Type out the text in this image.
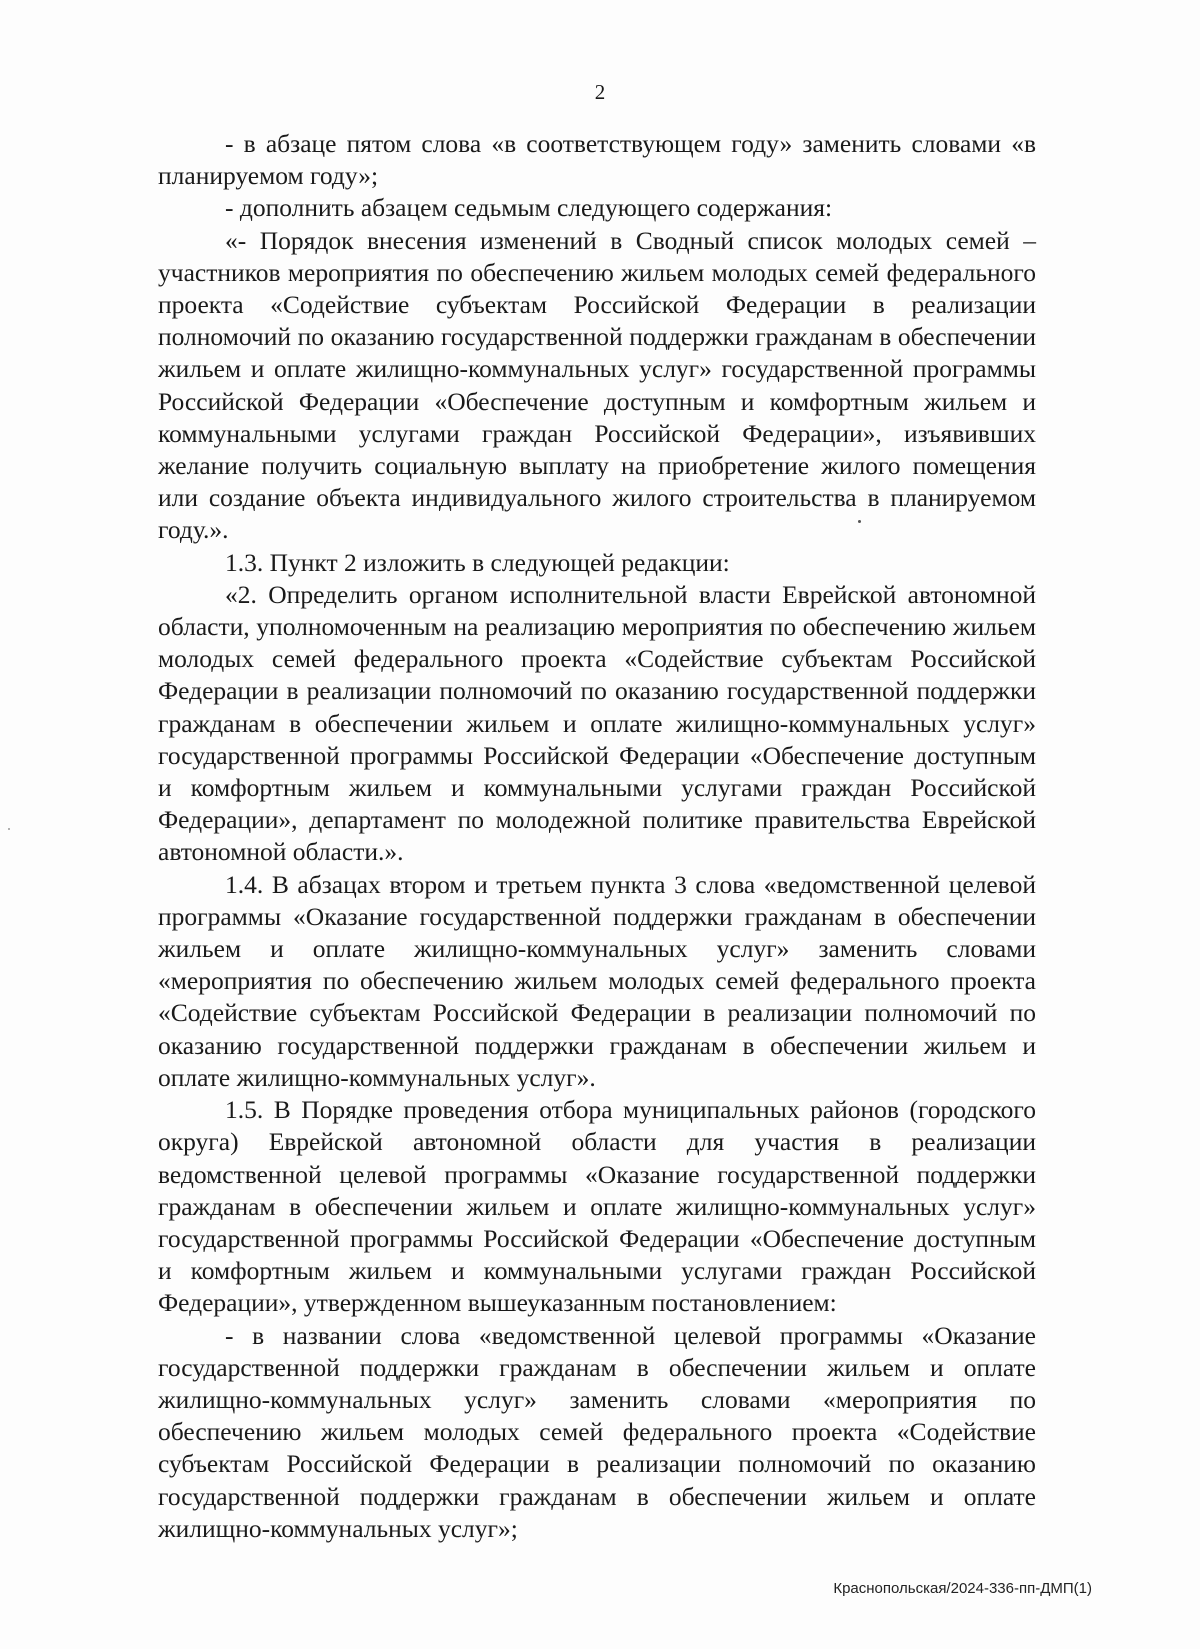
2

- в абзаце пятом слова «в соответствующем году» заменить словами «в планируемом году»;

- дополнить абзацем седьмым следующего содержания:

«- Порядок внесения изменений в Сводный список молодых семей – участников мероприятия по обеспечению жильем молодых семей федерального проекта «Содействие субъектам Российской Федерации в реализации полномочий по оказанию государственной поддержки гражданам в обеспечении жильем и оплате жилищно-коммунальных услуг» государственной программы Российской Федерации «Обеспечение доступным и комфортным жильем и коммунальными услугами граждан Российской Федерации», изъявивших желание получить социальную выплату на приобретение жилого помещения или создание объекта индивидуального жилого строительства в планируемом году.».

1.3. Пункт 2 изложить в следующей редакции:

«2. Определить органом исполнительной власти Еврейской автономной области, уполномоченным на реализацию мероприятия по обеспечению жильем молодых семей федерального проекта «Содействие субъектам Российской Федерации в реализации полномочий по оказанию государственной поддержки гражданам в обеспечении жильем и оплате жилищно-коммунальных услуг» государственной программы Российской Федерации «Обеспечение доступным и комфортным жильем и коммунальными услугами граждан Российской Федерации», департамент по молодежной политике правительства Еврейской автономной области.».

1.4. В абзацах втором и третьем пункта 3 слова «ведомственной целевой программы «Оказание государственной поддержки гражданам в обеспечении жильем и оплате жилищно-коммунальных услуг» заменить словами «мероприятия по обеспечению жильем молодых семей федерального проекта «Содействие субъектам Российской Федерации в реализации полномочий по оказанию государственной поддержки гражданам в обеспечении жильем и оплате жилищно-коммунальных услуг».

1.5. В Порядке проведения отбора муниципальных районов (городского округа) Еврейской автономной области для участия в реализации ведомственной целевой программы «Оказание государственной поддержки гражданам в обеспечении жильем и оплате жилищно-коммунальных услуг» государственной программы Российской Федерации «Обеспечение доступным и комфортным жильем и коммунальными услугами граждан Российской Федерации», утвержденном вышеуказанным постановлением:

- в названии слова «ведомственной целевой программы «Оказание государственной поддержки гражданам в обеспечении жильем и оплате жилищно-коммунальных услуг» заменить словами «мероприятия по обеспечению жильем молодых семей федерального проекта «Содействие субъектам Российской Федерации в реализации полномочий по оказанию государственной поддержки гражданам в обеспечении жильем и оплате жилищно-коммунальных услуг»;

Краснопольская/2024-336-пп-ДМП(1)
